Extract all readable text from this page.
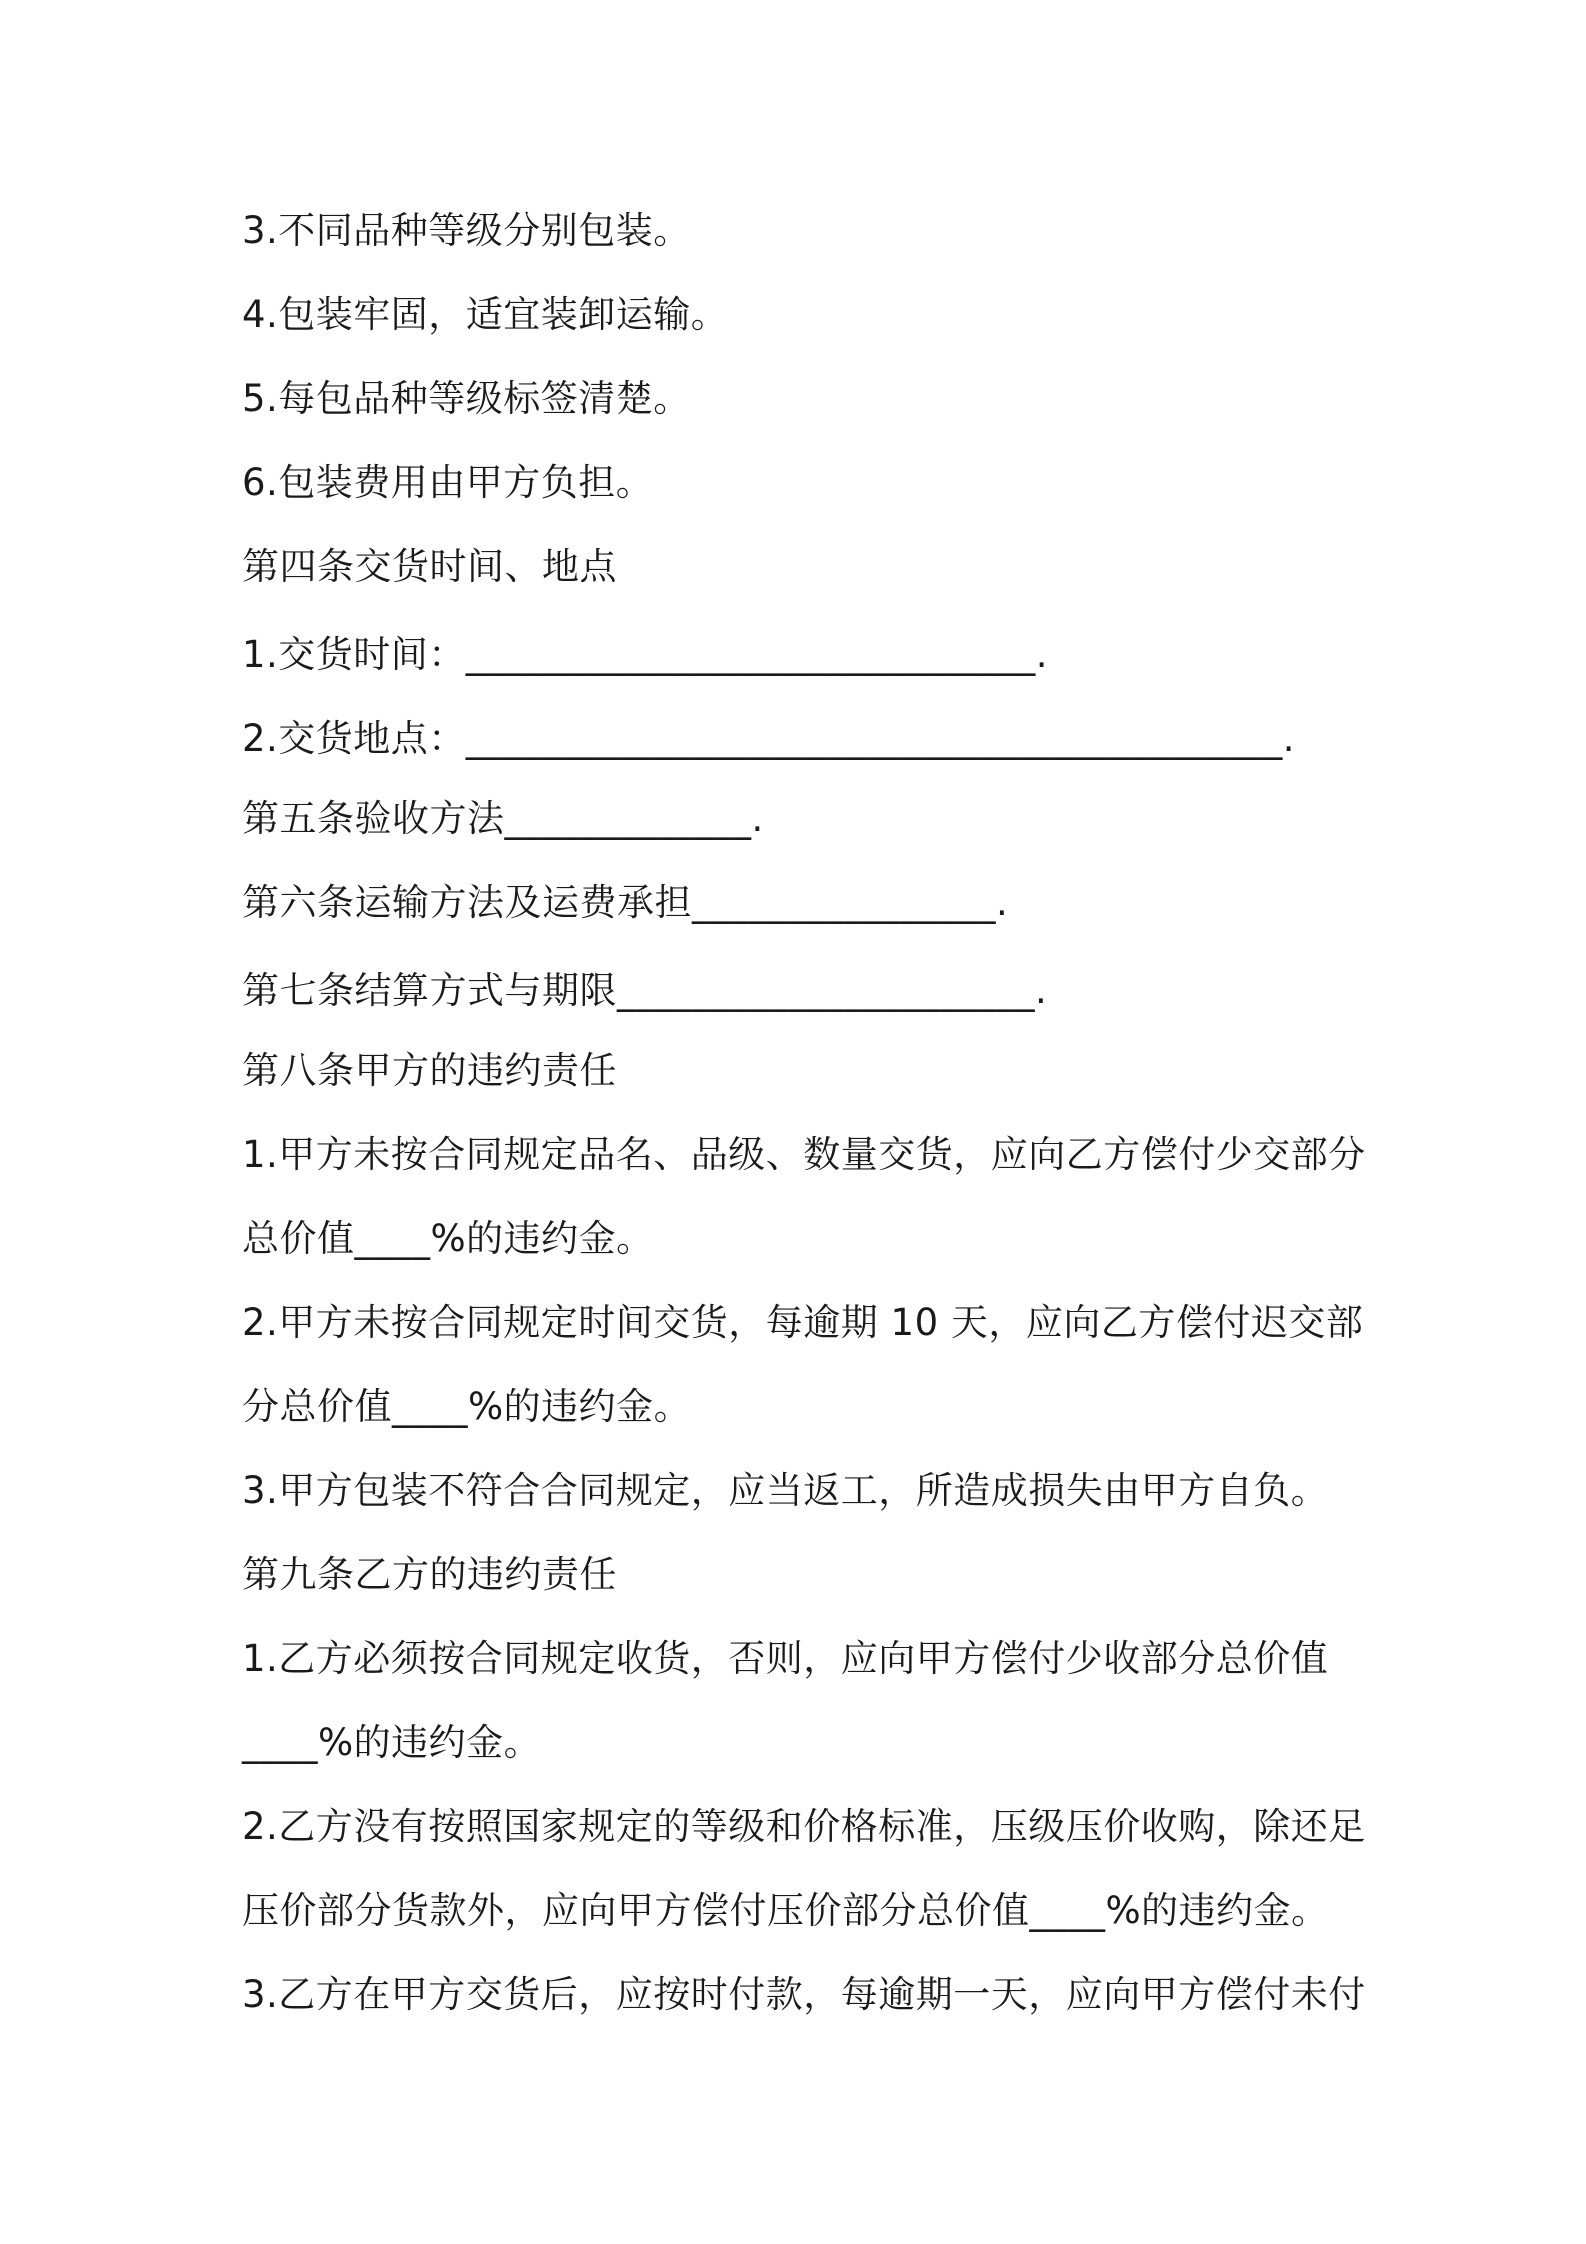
3.不同品种等级分别包装。
4.包装牢固，适宜装卸运输。
5.每包品种等级标签清楚。
6.包装费用由甲方负担。
第四条交货时间、地点
1.交货时间：______________________________.
2.交货地点：___________________________________________.
第五条验收方法_____________.
第六条运输方法及运费承担________________.
第七条结算方式与期限______________________.
第八条甲方的违约责任
1.甲方未按合同规定品名、品级、数量交货，应向乙方偿付少交部分
总价值____%的违约金。
2.甲方未按合同规定时间交货，每逾期 10 天，应向乙方偿付迟交部
分总价值____%的违约金。
3.甲方包装不符合合同规定，应当返工，所造成损失由甲方自负。
第九条乙方的违约责任
1.乙方必须按合同规定收货，否则，应向甲方偿付少收部分总价值
____%的违约金。
2.乙方没有按照国家规定的等级和价格标准，压级压价收购，除还足
压价部分货款外，应向甲方偿付压价部分总价值____%的违约金。
3.乙方在甲方交货后，应按时付款，每逾期一天，应向甲方偿付未付
